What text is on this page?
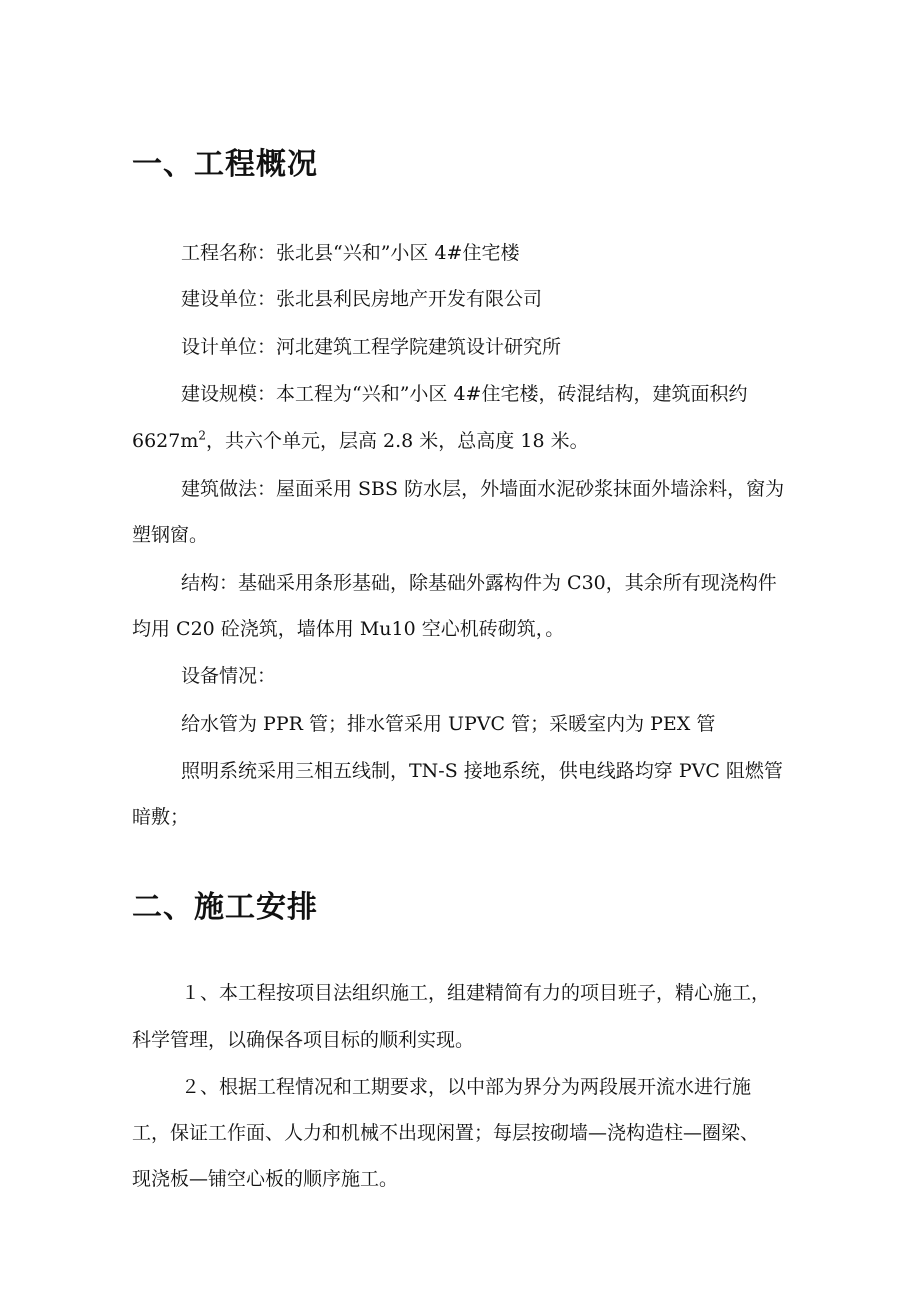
一、工程概况

工程名称：张北县“兴和”小区 4#住宅楼

建设单位：张北县利民房地产开发有限公司

设计单位：河北建筑工程学院建筑设计研究所

建设规模：本工程为“兴和”小区 4#住宅楼，砖混结构，建筑面积约

$6627m^2$，共六个单元，层高 2.8 米，总高度 18 米。

建筑做法：屋面采用 SBS 防水层，外墙面水泥砂浆抹面外墙涂料，窗为

塑钢窗。

结构：基础采用条形基础，除基础外露构件为 C30，其余所有现浇构件

均用 C20 砼浇筑，墙体用 Mu10 空心机砖砌筑，。

设备情况：

给水管为 PPR 管；排水管采用 UPVC 管；采暖室内为 PEX 管

照明系统采用三相五线制，TN-S 接地系统，供电线路均穿 PVC 阻燃管

暗敷；

二、施工安排

１、本工程按项目法组织施工，组建精简有力的项目班子，精心施工，

科学管理，以确保各项目标的顺利实现。

２、根据工程情况和工期要求，以中部为界分为两段展开流水进行施

工，保证工作面、人力和机械不出现闲置；每层按砌墙—浇构造柱—圈梁、

现浇板—铺空心板的顺序施工。
